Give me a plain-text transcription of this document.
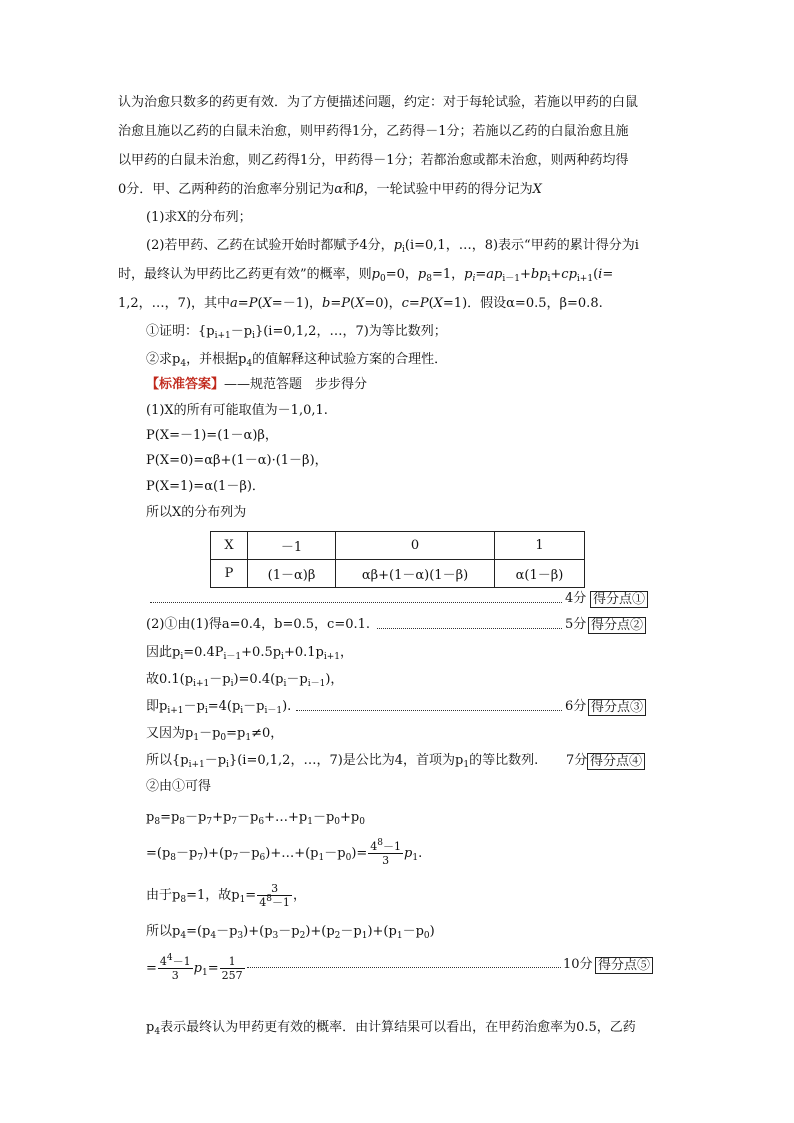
认为治愈只数多的药更有效．为了方便描述问题，约定：对于每轮试验，若施以甲药的白鼠
治愈且施以乙药的白鼠未治愈，则甲药得1分，乙药得－1分；若施以乙药的白鼠治愈且施
以甲药的白鼠未治愈，则乙药得1分，甲药得－1分；若都治愈或都未治愈，则两种药均得
0分．甲、乙两种药的治愈率分别记为α和β，一轮试验中甲药的得分记为X
(1)求X的分布列；
(2)若甲药、乙药在试验开始时都赋予4分，$p_i(i=0,1$，…，8)表示“甲药的累计得分为i
时，最终认为甲药比乙药更有效”的概率，则$p_0=0$，$p_8=1$，$p_i=ap_{i-1}+bp_i+cp_{i+1}(i=$
1,2，…，7)，其中a=P(X=－1)，b=P(X=0)，c=P(X=1)．假设α=0.5，β=0.8.
①证明：$\{p_{i+1}-p_i\}(i=0,1,2$，…，7)为等比数列；
②求$p_4$，并根据$p_4$的值解释这种试验方案的合理性．
【标准答案】——规范答题　步步得分
(1)X的所有可能取值为－1,0,1.
P(X=－1)=(1－α)β，
P(X=0)=αβ+(1－α)·(1－β)，
P(X=1)=α(1－β)．
所以X的分布列为
X	－1	0	1
P	(1－α)β	αβ+(1－α)(1－β)	α(1－β)
4分 得分点①
(2)①由(1)得a=0.4，b=0.5，c=0.1.	5分 得分点②
因此$p_i=0.4P_{i-1}+0.5p_i+0.1p_{i+1}$，
故$0.1(p_{i+1}-p_i)=0.4(p_i-p_{i-1})$，
即$p_{i+1}-p_i=4(p_i-p_{i-1})$.	6分 得分点③
又因为$p_1-p_0=p_1\ne 0$，
所以$\{p_{i+1}-p_i\}(i=0,1,2$，…，7)是公比为4，首项为$p_1$的等比数列. 7分 得分点④
②由①可得
$p_8=p_8-p_7+p_7-p_6+\dots+p_1-p_0+p_0$
$=(p_8-p_7)+(p_7-p_6)+\dots+(p_1-p_0)= \frac{4^8-1}{3} p_1$.
由于$p_8=1$，故$p_1= \frac{3}{4^8-1}$ ，
所以$p_4=(p_4-p_3)+(p_3-p_2)+(p_2-p_1)+(p_1-p_0)$
= $\frac{4^4-1}{3} p_1= \frac{1}{257}$	10分 得分点⑤
$p_4$表示最终认为甲药更有效的概率．由计算结果可以看出，在甲药治愈率为0.5，乙药
